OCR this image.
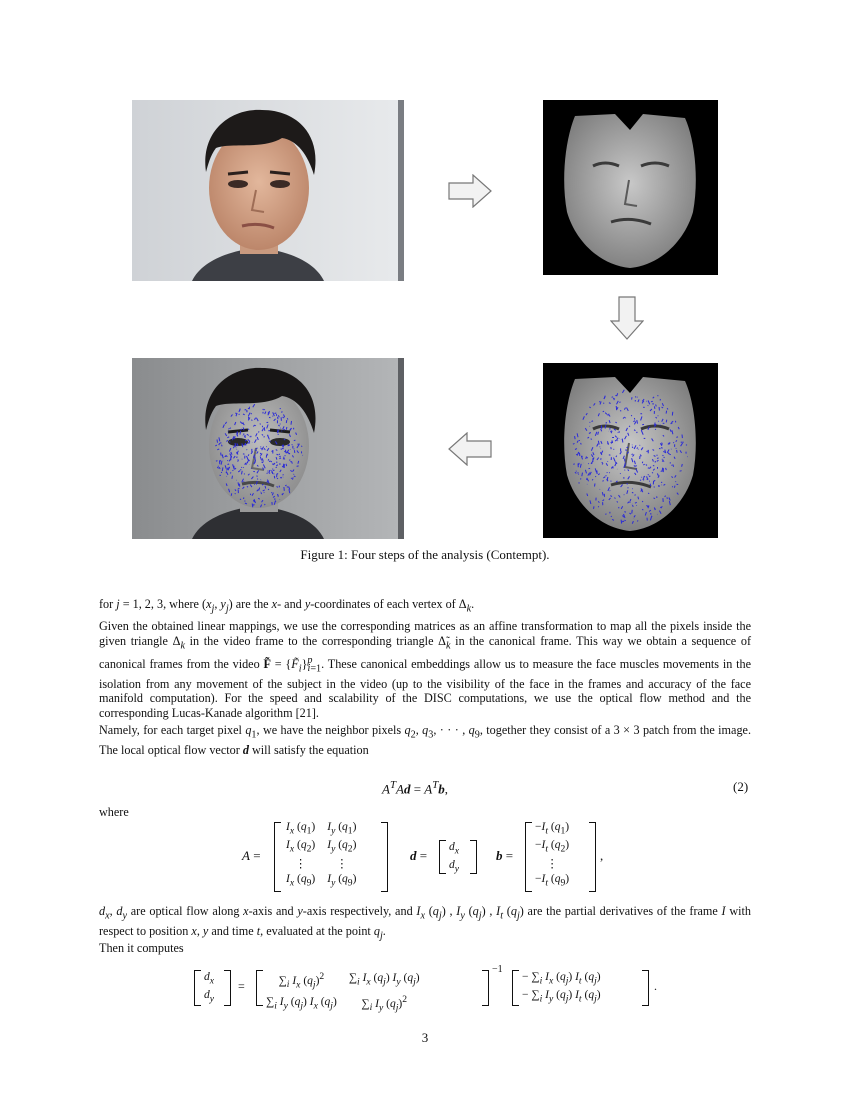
Figure 1: Four steps of the analysis (Contempt).

for j = 1, 2, 3, where ($x_j$, $y_j$) are the x- and y-coordinates of each vertex of $\Delta_k$.

Given the obtained linear mappings, we use the corresponding matrices as an affine transformation to map all the pixels inside the given triangle $\Delta_k$ in the video frame to the corresponding triangle $\Deltã_k$ in the canonical frame. This way we obtain a sequence of canonical frames from the video F̃ = $\{F̃_i\}^p_{i=1}$. These canonical embeddings allow us to measure the face muscles movements in the isolation from any movement of the subject in the video (up to the visibility of the face in the frames and accuracy of the face manifold computation). For the speed and scalability of the DISC computations, we use the optical flow method and the corresponding Lucas-Kanade algorithm [21].

Namely, for each target pixel $q_1$, we have the neighbor pixels $q_2$, $q_3$, · · · , $q_9$, together they consist of a 3 × 3 patch from the image. The local optical flow vector d will satisfy the equation

$A^TAd = A^Tb$,	(2)
where
A =
$I_x$ $(q_1)$	$I_y$ $(q_1)$
$I_x$ $(q_2)$	$I_y$ $(q_2)$
⋮	⋮
$I_x$ $(q_9)$	$I_y$ $(q_9)$
d =
$d_x$
$d_y$
b =
$-I_t$ $(q_1)$
$-I_t$ $(q_2)$
⋮
$-I_t$ $(q_9)$
,

$d_x$, $d_y$ are optical flow along x-axis and y-axis respectively, and $I_x$ $(q_j)$ , $I_y$ $(q_j)$ , $I_t$ $(q_j)$ are the partial derivatives of the frame I with respect to position x, y and time t, evaluated at the point $q_j$.

Then it computes
$d_x$
$d_y$
=	$\sum_i$ $I_x$ $(q_j)^2$	$\sum_i$ $I_x$ $(q_j)$ $I_y$ $(q_j)$
$\sum_i$ $I_y$ $(q_j)$ $I_x$ $(q_j)$	$\sum_i$ $I_y$ $(q_j)^2$
−1
− $\sum_i$ $I_x$ $(q_j)$ $I_t$ $(q_j)$
− $\sum_i$ $I_y$ $(q_j)$ $I_t$ $(q_j)$
.
3
